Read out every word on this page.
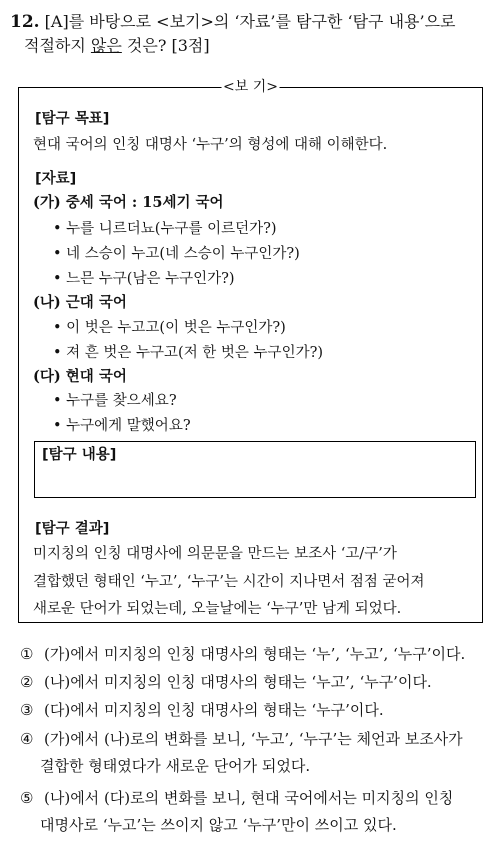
12. [A]를 바탕으로 <보기>의 ‘자료’를 탐구한 ‘탐구 내용’으로
적절하지 않은 것은? [3점]
<보 기>
[탐구 목표]
현대 국어의 인칭 대명사 ‘누구’의 형성에 대해 이해한다.
[자료]
(가) 중세 국어 : 15세기 국어
• 누를 니르더뇨(누구를 이르던가?)
• 네 스승이 누고(네 스승이 누구인가?)
• 느믄 누구(남은 누구인가?)
(나) 근대 국어
• 이 벗은 누고고(이 벗은 누구인가?)
• 져 흔 벗은 누구고(저 한 벗은 누구인가?)
(다) 현대 국어
• 누구를 찾으세요?
• 누구에게 말했어요?
[탐구 결과]
미지칭의 인칭 대명사에 의문문을 만드는 보조사 ‘고/구’가
결합했던 형태인 ‘누고’, ‘누구’는 시간이 지나면서 점점 굳어져
새로운 단어가 되었는데, 오늘날에는 ‘누구’만 남게 되었다.
[탐구 내용]
① (가)에서 미지칭의 인칭 대명사의 형태는 ‘누’, ‘누고’, ‘누구’이다.
② (나)에서 미지칭의 인칭 대명사의 형태는 ‘누고’, ‘누구’이다.
③ (다)에서 미지칭의 인칭 대명사의 형태는 ‘누구’이다.
④ (가)에서 (나)로의 변화를 보니, ‘누고’, ‘누구’는 체언과 보조사가
결합한 형태였다가 새로운 단어가 되었다.
⑤ (나)에서 (다)로의 변화를 보니, 현대 국어에서는 미지칭의 인칭
대명사로 ‘누고’는 쓰이지 않고 ‘누구’만이 쓰이고 있다.
